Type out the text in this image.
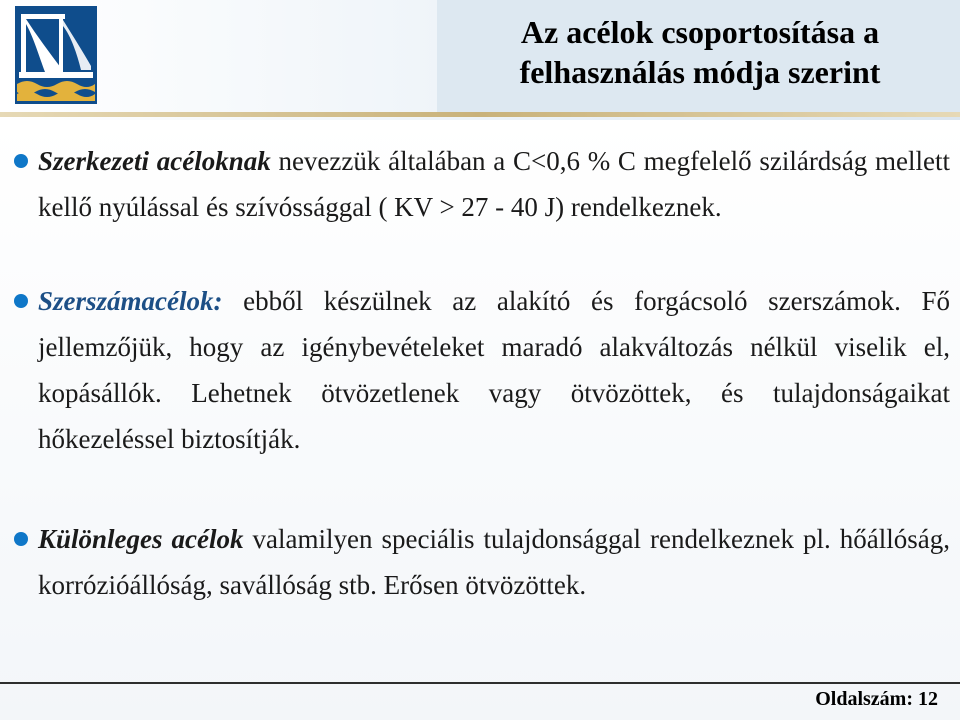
Az acélok csoportosítása a
felhasználás módja szerint
Szerkezeti acéloknak nevezzük általában a C<0,6 % C megfelelő szilárdság mellett kellő nyúlással és szívóssággal ( KV > 27 - 40 J) rendelkeznek.
Szerszámacélok: ebből készülnek az alakító és forgácsoló szerszámok. Fő jellemzőjük, hogy az igénybevételeket maradó alakváltozás nélkül viselik el, kopásállók. Lehetnek ötvözetlenek vagy ötvözöttek, és tulajdonságaikat hőkezeléssel biztosítják.
Különleges acélok valamilyen speciális tulajdonsággal rendelkeznek pl. hőállóság, korrózióállóság, savállóság stb. Erősen ötvözöttek.
Oldalszám: 12
